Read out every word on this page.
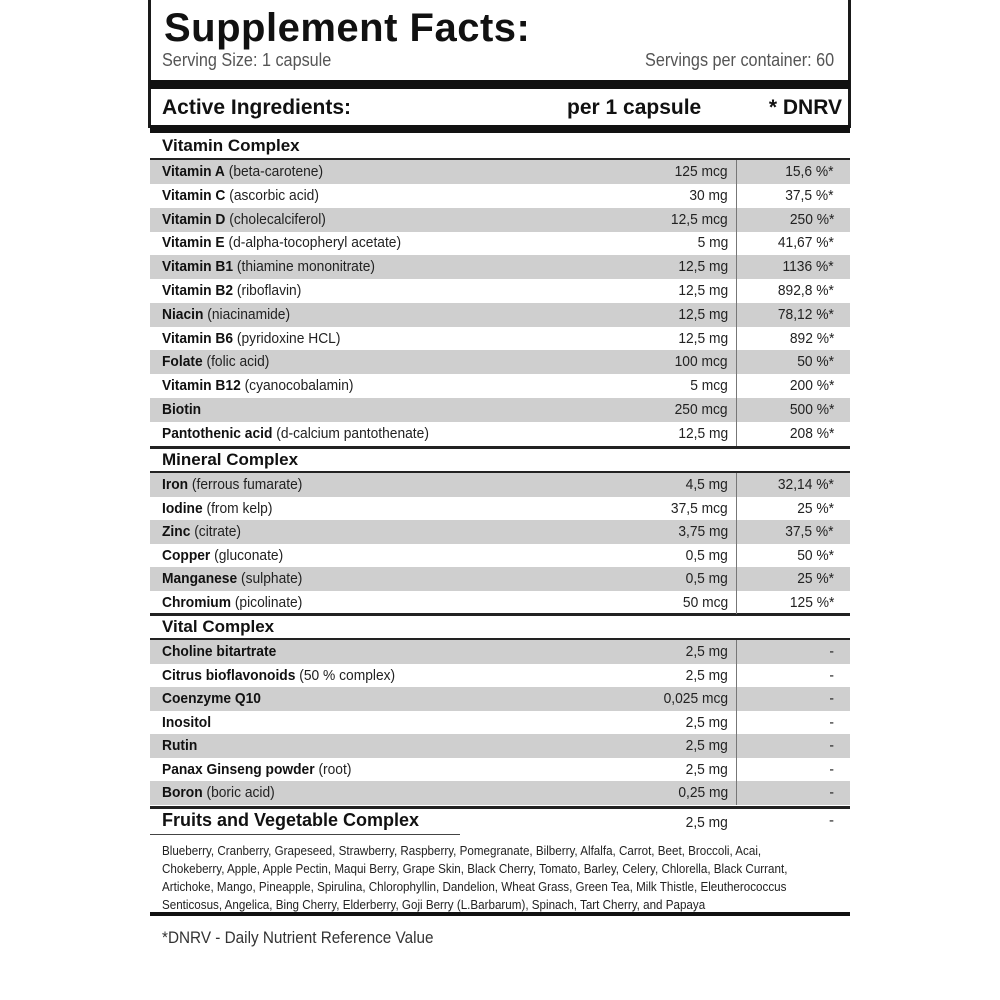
Supplement Facts:
Serving Size: 1 capsule	Servings per container: 60
Active Ingredients:	per 1 capsule	* DNRV
Vitamin Complex
Mineral Complex
Vital Complex
Fruits and Vegetable Complex	2,5 mg	-
Blueberry, Cranberry, Grapeseed, Strawberry, Raspberry, Pomegranate, Bilberry, Alfalfa, Carrot, Beet, Broccoli, Acai, Chokeberry, Apple, Apple Pectin, Maqui Berry, Grape Skin, Black Cherry, Tomato, Barley, Celery, Chlorella, Black Currant, Artichoke, Mango, Pineapple, Spirulina, Chlorophyllin, Dandelion, Wheat Grass, Green Tea, Milk Thistle, Eleutherococcus Senticosus, Angelica, Bing Cherry, Elderberry, Goji Berry (L.Barbarum), Spinach, Tart Cherry, and Papaya
*DNRV - Daily Nutrient Reference Value
Vitamin A (beta-carotene)	125 mcg	15,6 %*
Vitamin C (ascorbic acid)	30 mg	37,5 %*
Vitamin D (cholecalciferol)	12,5 mcg	250 %*
Vitamin E (d-alpha-tocopheryl acetate)	5 mg	41,67 %*
Vitamin B1 (thiamine mononitrate)	12,5 mg	1136 %*
Vitamin B2 (riboflavin)	12,5 mg	892,8 %*
Niacin (niacinamide)	12,5 mg	78,12 %*
Vitamin B6 (pyridoxine HCL)	12,5 mg	892 %*
Folate (folic acid)	100 mcg	50 %*
Vitamin B12 (cyanocobalamin)	5 mcg	200 %*
Biotin	250 mcg	500 %*
Pantothenic acid (d-calcium pantothenate)	12,5 mg	208 %*
Iron (ferrous fumarate)	4,5 mg	32,14 %*
Iodine (from kelp)	37,5 mcg	25 %*
Zinc (citrate)	3,75 mg	37,5 %*
Copper (gluconate)	0,5 mg	50 %*
Manganese (sulphate)	0,5 mg	25 %*
Chromium (picolinate)	50 mcg	125 %*
Choline bitartrate	2,5 mg	-
Citrus bioflavonoids (50 % complex)	2,5 mg	-
Coenzyme Q10	0,025 mcg	-
Inositol	2,5 mg	-
Rutin	2,5 mg	-
Panax Ginseng powder (root)	2,5 mg	-
Boron (boric acid)	0,25 mg	-
